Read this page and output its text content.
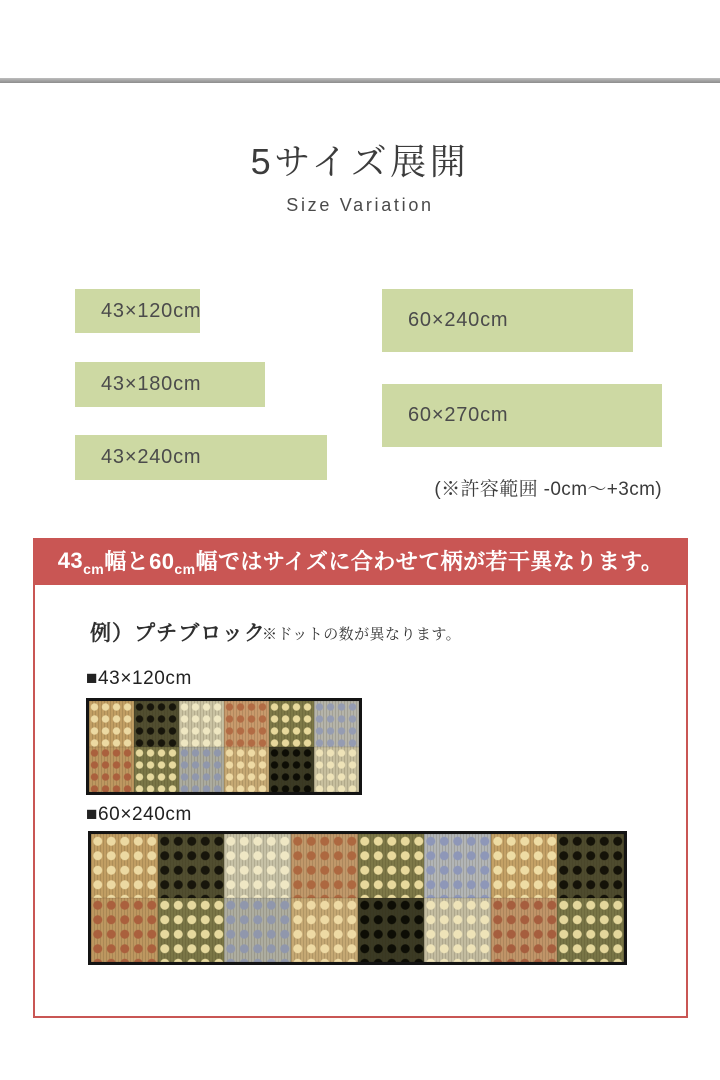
5サイズ展開
Size Variation
43×120cm
43×180cm
43×240cm
60×240cm
60×270cm
(※許容範囲 -0cm〜+3cm)
43 cm 幅と60 cm 幅ではサイズに合わせて柄が若干異なります。
例）プチブロック
※ドットの数が異なります。
■43×120cm
■60×240cm
